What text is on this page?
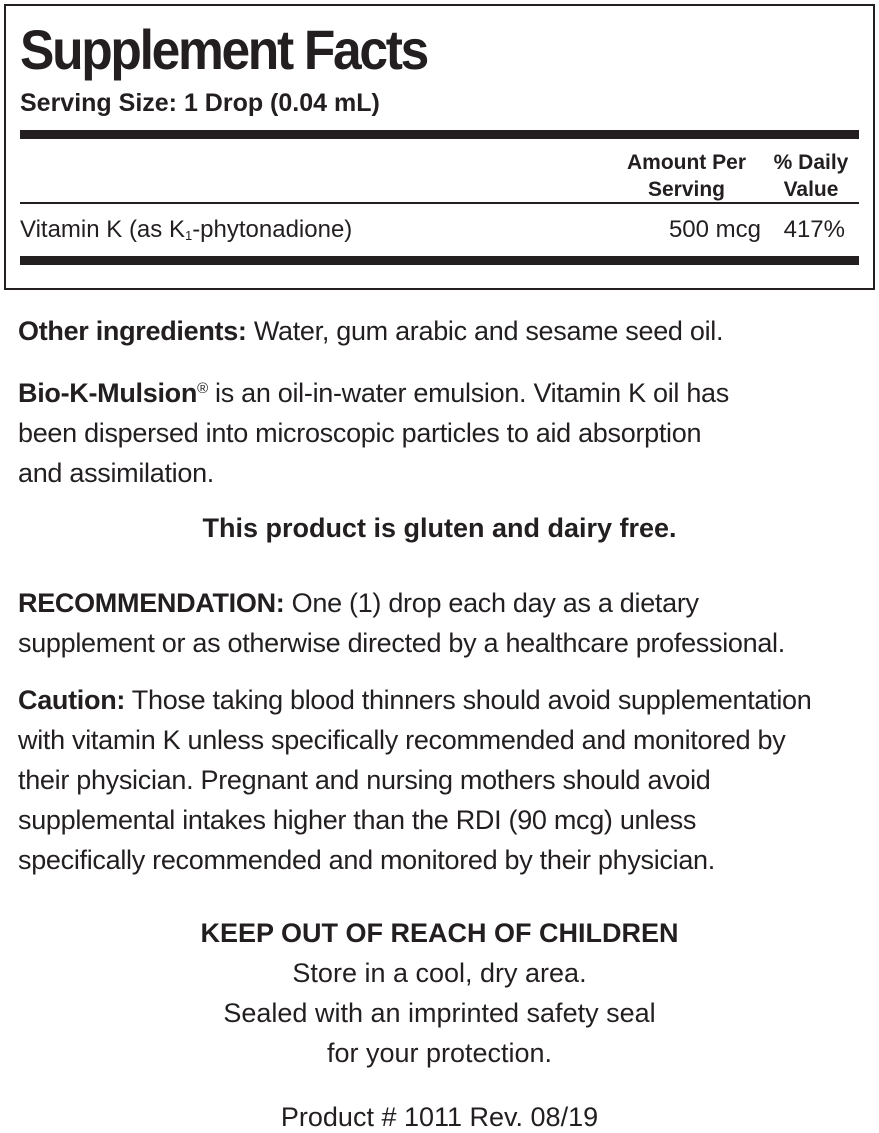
Supplement Facts
Serving Size: 1 Drop (0.04 mL)
Amount Per
Serving
% Daily
Value
Vitamin K (as $K_1-phytonadione$)	500 mcg 417%
Other ingredients: Water, gum arabic and sesame seed oil.
Bio-K-Mulsion® is an oil-in-water emulsion. Vitamin K oil has
been dispersed into microscopic particles to aid absorption
and assimilation.
This product is gluten and dairy free.
RECOMMENDATION: One (1) drop each day as a dietary
supplement or as otherwise directed by a healthcare professional.
Caution: Those taking blood thinners should avoid supplementation
with vitamin K unless specifically recommended and monitored by
their physician. Pregnant and nursing mothers should avoid
supplemental intakes higher than the RDI (90 mcg) unless
specifically recommended and monitored by their physician.
KEEP OUT OF REACH OF CHILDREN
Store in a cool, dry area.
Sealed with an imprinted safety seal
for your protection.
Product # 1011 Rev. 08/19
